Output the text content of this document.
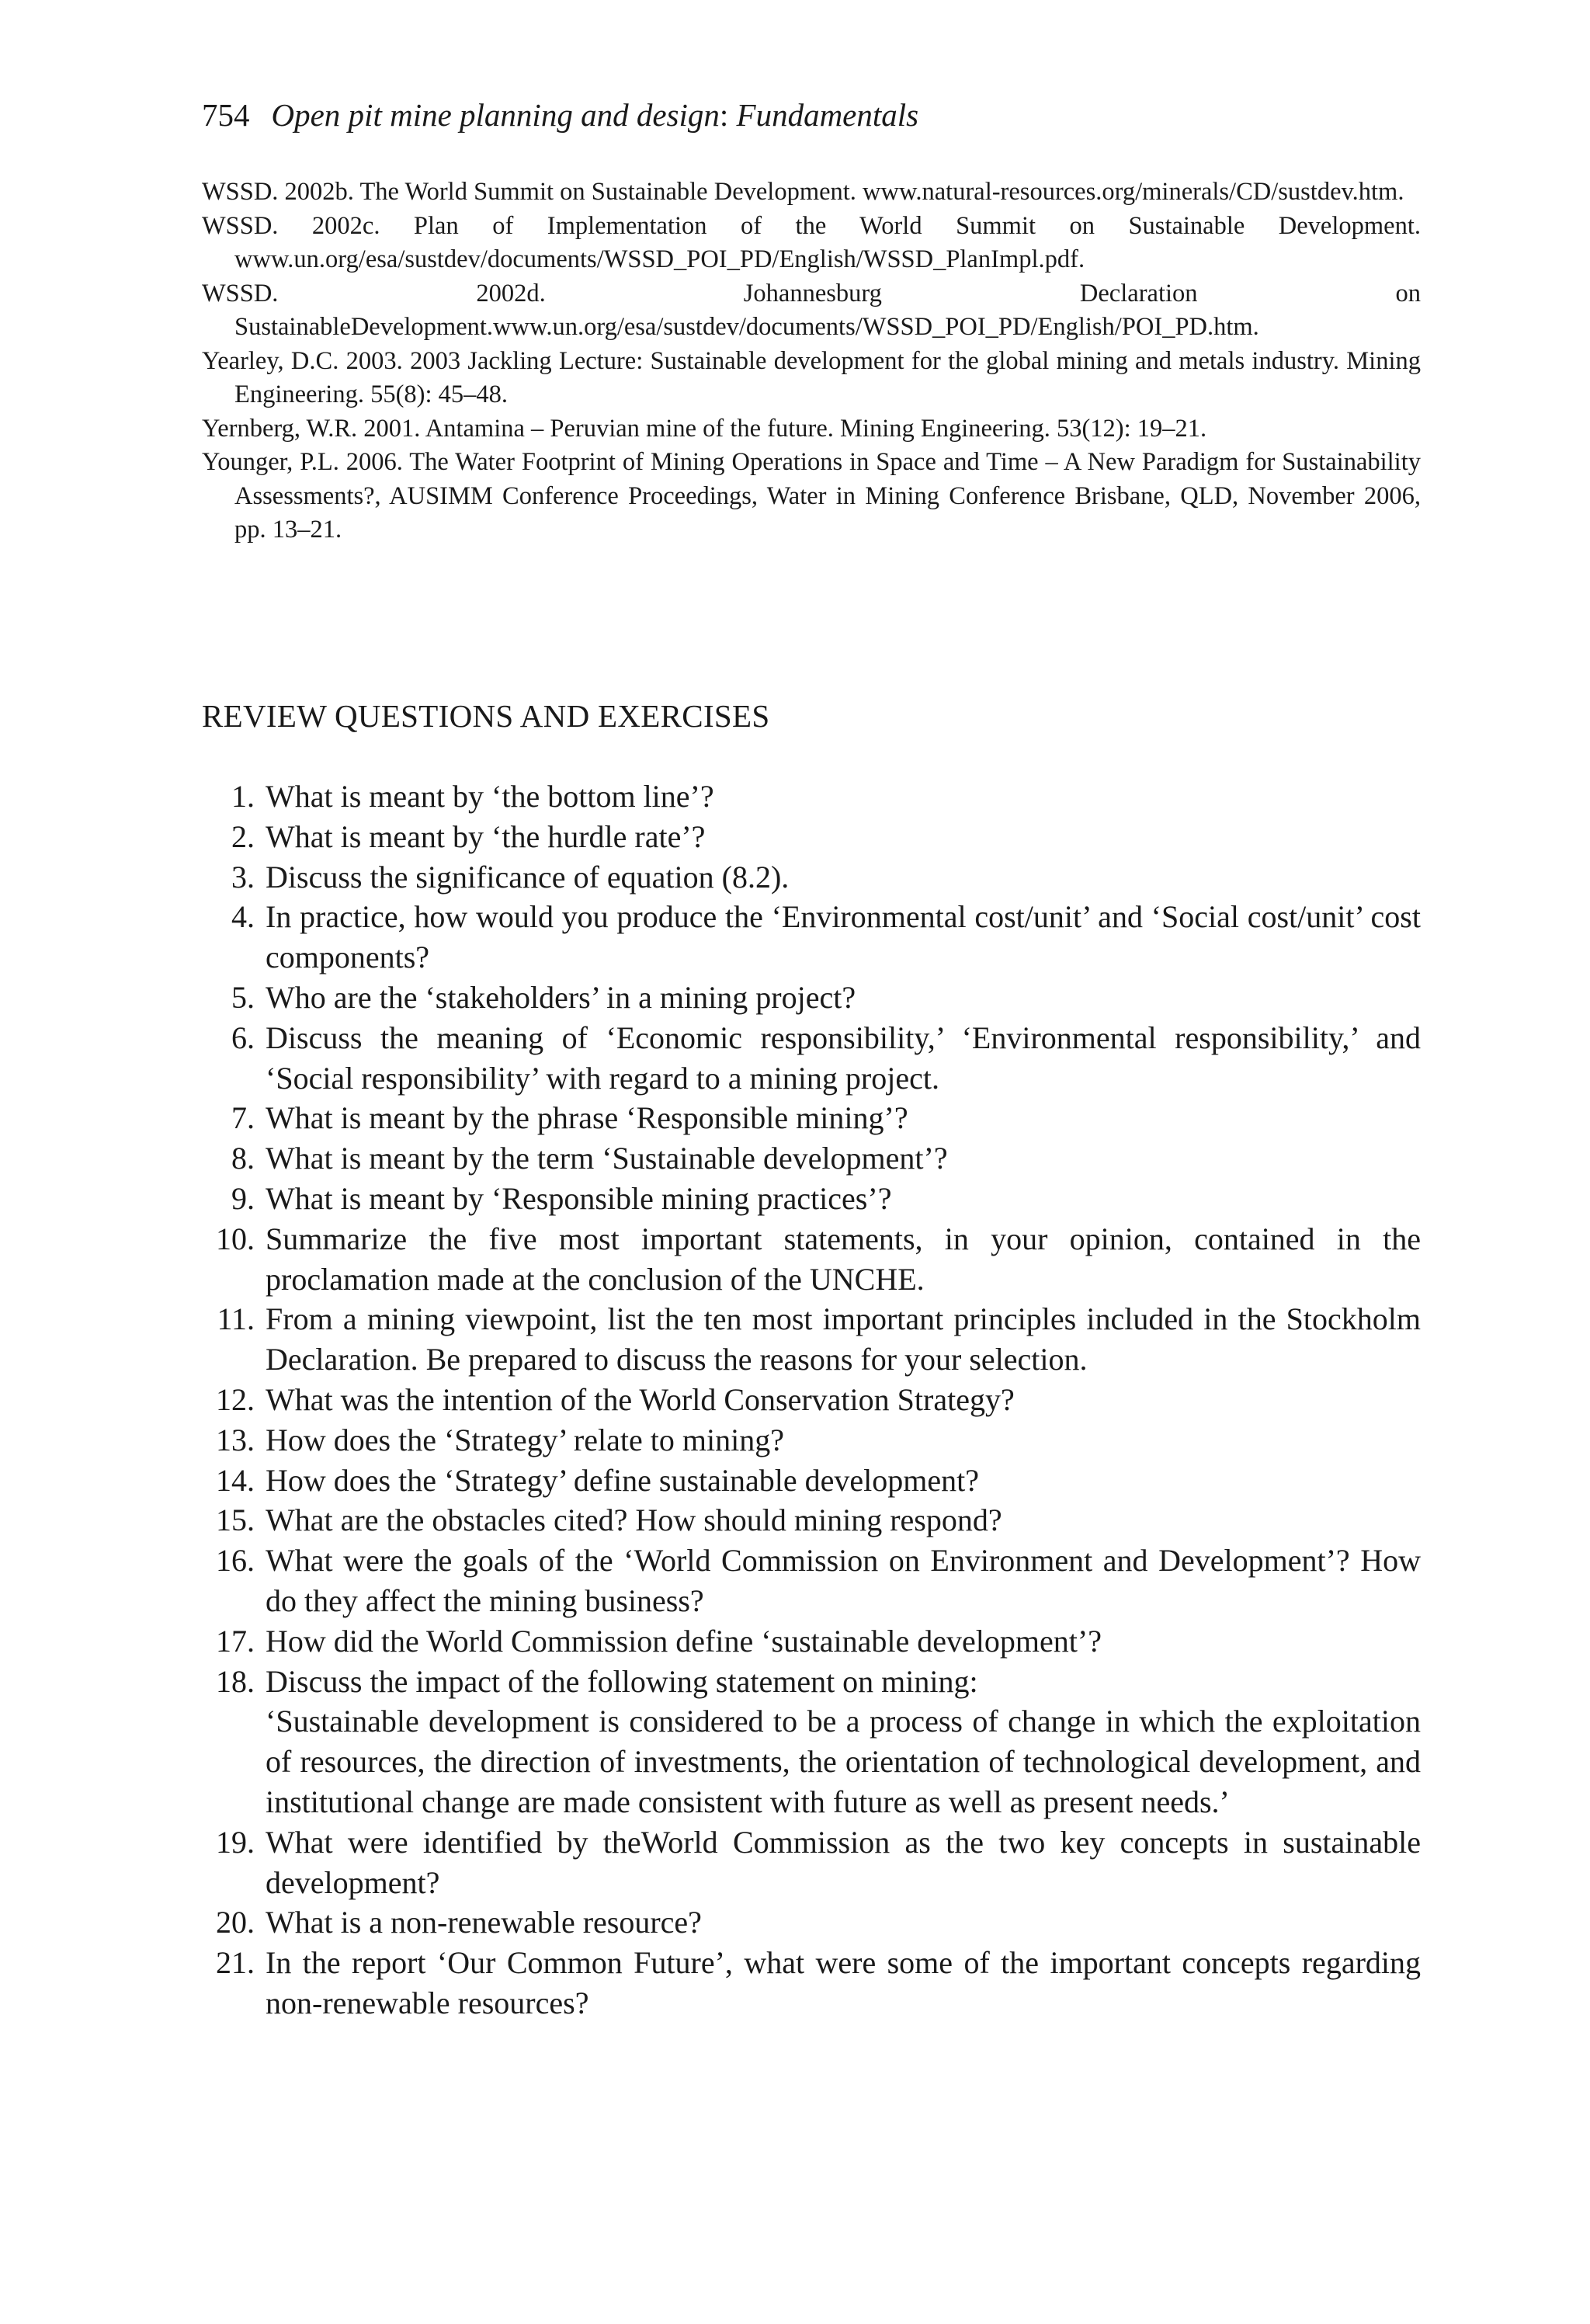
754 Open pit mine planning and design: Fundamentals

WSSD. 2002b. The World Summit on Sustainable Development. www.natural-resources.org/minerals/CD/sustdev.htm.

WSSD. 2002c. Plan of Implementation of the World Summit on Sustainable Development. www.un.org/esa/sustdev/documents/WSSD_POI_PD/English/WSSD_PlanImpl.pdf.

WSSD. 2002d. Johannesburg Declaration on SustainableDevelopment.www.un.org/esa/sustdev/documents/WSSD_POI_PD/English/POI_PD.htm.

Yearley, D.C. 2003. 2003 Jackling Lecture: Sustainable development for the global mining and metals industry. Mining Engineering. 55(8): 45–48.

Yernberg, W.R. 2001. Antamina – Peruvian mine of the future. Mining Engineering. 53(12): 19–21.

Younger, P.L. 2006. The Water Footprint of Mining Operations in Space and Time – A New Paradigm for Sustainability Assessments?, AUSIMM Conference Proceedings, Water in Mining Conference Brisbane, QLD, November 2006, pp. 13–21.

REVIEW QUESTIONS AND EXERCISES
1. What is meant by ‘the bottom line’?
2. What is meant by ‘the hurdle rate’?
3. Discuss the significance of equation (8.2).
4. In practice, how would you produce the ‘Environmental cost/unit’ and ‘Social cost/unit’ cost components?
5. Who are the ‘stakeholders’ in a mining project?
6. Discuss the meaning of ‘Economic responsibility,’ ‘Environmental responsibility,’ and ‘Social responsibility’ with regard to a mining project.
7. What is meant by the phrase ‘Responsible mining’?
8. What is meant by the term ‘Sustainable development’?
9. What is meant by ‘Responsible mining practices’?
10. Summarize the five most important statements, in your opinion, contained in the proclamation made at the conclusion of the UNCHE.
11. From a mining viewpoint, list the ten most important principles included in the Stockholm Declaration. Be prepared to discuss the reasons for your selection.
12. What was the intention of the World Conservation Strategy?
13. How does the ‘Strategy’ relate to mining?
14. How does the ‘Strategy’ define sustainable development?
15. What are the obstacles cited? How should mining respond?
16. What were the goals of the ‘World Commission on Environment and Development’? How do they affect the mining business?
17. How did the World Commission define ‘sustainable development’?
18. Discuss the impact of the following statement on mining:
‘Sustainable development is considered to be a process of change in which the exploitation of resources, the direction of investments, the orientation of technological development, and institutional change are made consistent with future as well as present needs.’
19. What were identified by theWorld Commission as the two key concepts in sustainable development?
20. What is a non-renewable resource?
21. In the report ‘Our Common Future’, what were some of the important concepts regarding non-renewable resources?
